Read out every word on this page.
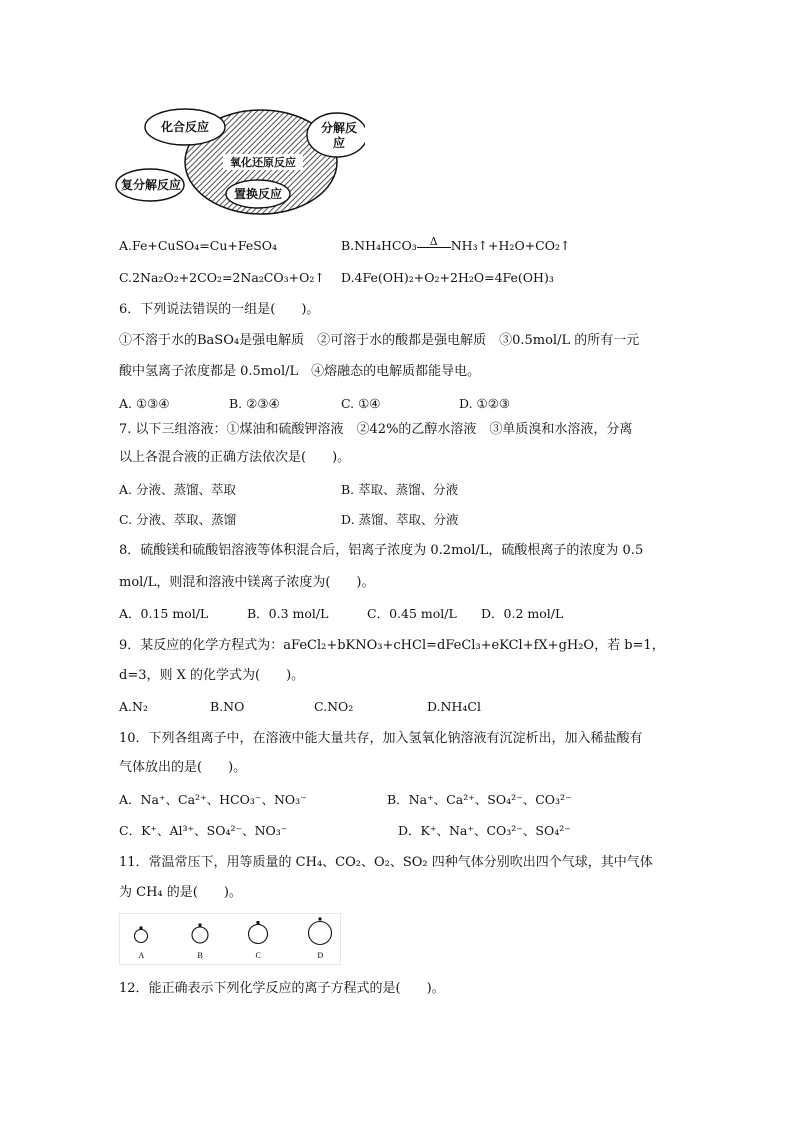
化合反应	分解反
应
氧化还原反应
复分解反应
置换反应
A.Fe+CuSO₄=Cu+FeSO₄	B.NH₄HCO₃ Δ NH₃↑+H₂O+CO₂↑
C.2Na₂O₂+2CO₂=2Na₂CO₃+O₂↑ D.4Fe(OH)₂+O₂+2H₂O=4Fe(OH)₃
6．下列说法错误的一组是(　　)。
①不溶于水的BaSO₄是强电解质　②可溶于水的酸都是强电解质　③0.5mol/L 的所有一元
酸中氢离子浓度都是 0.5mol/L　④熔融态的电解质都能导电。
A. ①③④	B. ②③④	C. ①④	D. ①②③
7. 以下三组溶液：①煤油和硫酸钾溶液　②42%的乙醇水溶液　③单质溴和水溶液，分离
以上各混合液的正确方法依次是(　　)。
A. 分液、蒸馏、萃取	B. 萃取、蒸馏、分液
C. 分液、萃取、蒸馏	D. 蒸馏、萃取、分液
8．硫酸镁和硫酸铝溶液等体积混合后，铝离子浓度为 0.2mol/L，硫酸根离子的浓度为 0.5
mol/L，则混和溶液中镁离子浓度为(　　)。
A．0.15 mol/L	B．0.3 mol/L	C．0.45 mol/L D．0.2 mol/L
9．某反应的化学方程式为：aFeCl₂+bKNO₃+cHCl=dFeCl₃+eKCl+fX+gH₂O，若 b=1，
d=3，则 X 的化学式为(　　)。
A.N₂	B.NO	C.NO₂	D.NH₄Cl
10．下列各组离子中，在溶液中能大量共存，加入氢氧化钠溶液有沉淀析出，加入稀盐酸有
气体放出的是(　　)。
A．Na⁺、Ca²⁺、HCO₃⁻、NO₃⁻	B．Na⁺、Ca²⁺、SO₄²⁻、CO₃²⁻
C．K⁺、Al³⁺、SO₄²⁻、NO₃⁻	D．K⁺、Na⁺、CO₃²⁻、SO₄²⁻
11．常温常压下，用等质量的 CH₄、CO₂、O₂、SO₂ 四种气体分别吹出四个气球，其中气体
为 CH₄ 的是(　　)。
A	B	C	D
12．能正确表示下列化学反应的离子方程式的是(　　)。
